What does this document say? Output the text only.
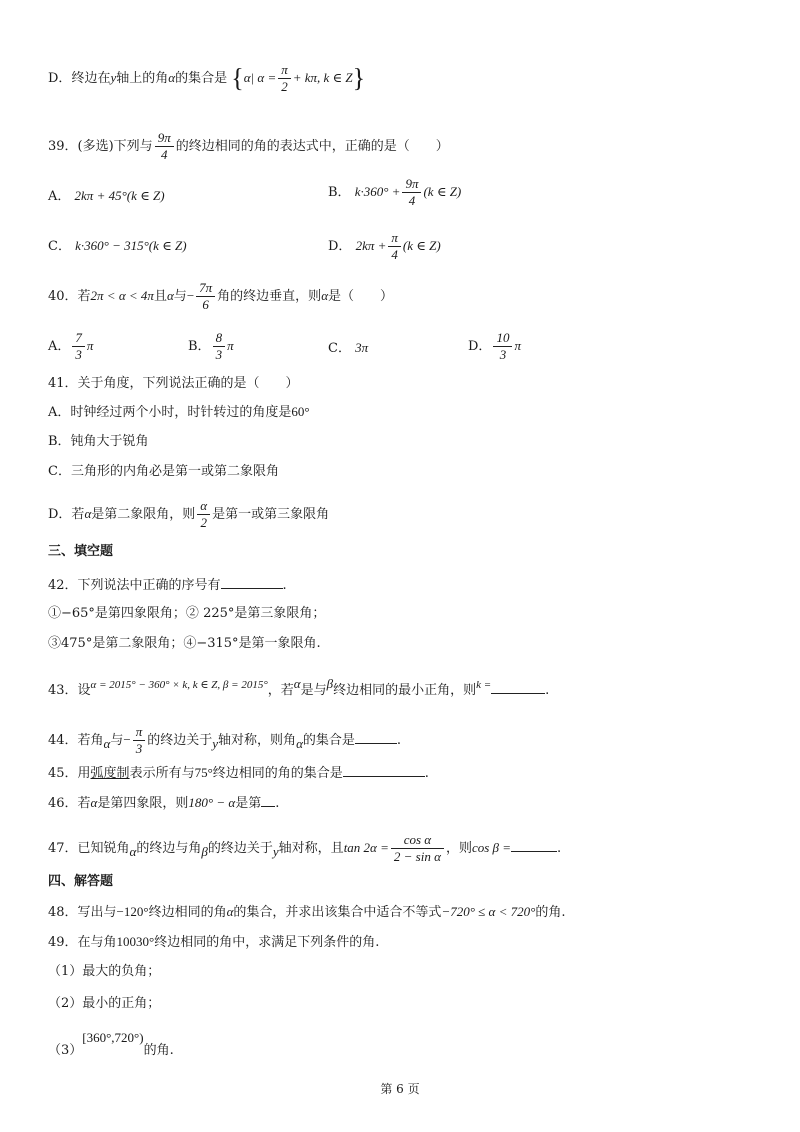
D．终边在y轴上的角α的集合是 {α| $\alpha = \frac{\pi}{2} + k\pi$, k ∈ Z}
39．(多选)下列与 $\frac{9\pi}{4}$ 的终边相同的角的表达式中，正确的是（　　）
A． 2kπ + 45°(k ∈ Z)	B． $k\cdot 360^\circ + \frac{9\pi}{4} (k$ ∈ Z)
C． k·360° − 315°(k ∈ Z)	D． $2k\pi + \frac{\pi}{4} (k$ ∈ Z)
40．若2π < α < 4π且α与− $\frac{7\pi}{6}$ 角的终边垂直，则α是（　　）
A． $\frac{7}{3}$ π	B． $\frac{8}{3}$ π	C． 3π	D． $\frac{10}{3}$ π
41．关于角度，下列说法正确的是（　　）
A．时钟经过两个小时，时针转过的角度是60°
B．钝角大于锐角
C．三角形的内角必是第一或第二象限角
D．若α是第二象限角，则 $\frac{\alpha}{2}$ 是第一或第三象限角
三、填空题
42．下列说法中正确的序号有	.
①−65°是第四象限角；② 225°是第三象限角；
③475°是第二象限角；④−315°是第一象限角.
43．设$^{\alpha = 2015^\circ - 360^\circ \times k, k \in Z, \beta = 2015^\circ}$，若α是与β终边相同的最小正角，则$^{k =}$	.
44．若角α与− $\frac{\pi}{3}$ 的终边关于y轴对称，则角α的集合是	.
45．用弧度制表示所有与75°终边相同的角的集合是	.
46．若α是第四象限，则180° − α是第 .
47．已知锐角α的终边与角β的终边关于y轴对称，且$\tan 2\alpha = \frac{\text{cos α}}{\text{2 − sin α}}$ ，则cos β =	.
四、解答题
48．写出与−120°终边相同的角α的集合，并求出该集合中适合不等式−720° ≤ α < 720°的角.
49．在与角10030°终边相同的角中，求满足下列条件的角.
（1）最大的负角；
（2）最小的正角；
（3）[360°,720°)的角.
第 6 页
